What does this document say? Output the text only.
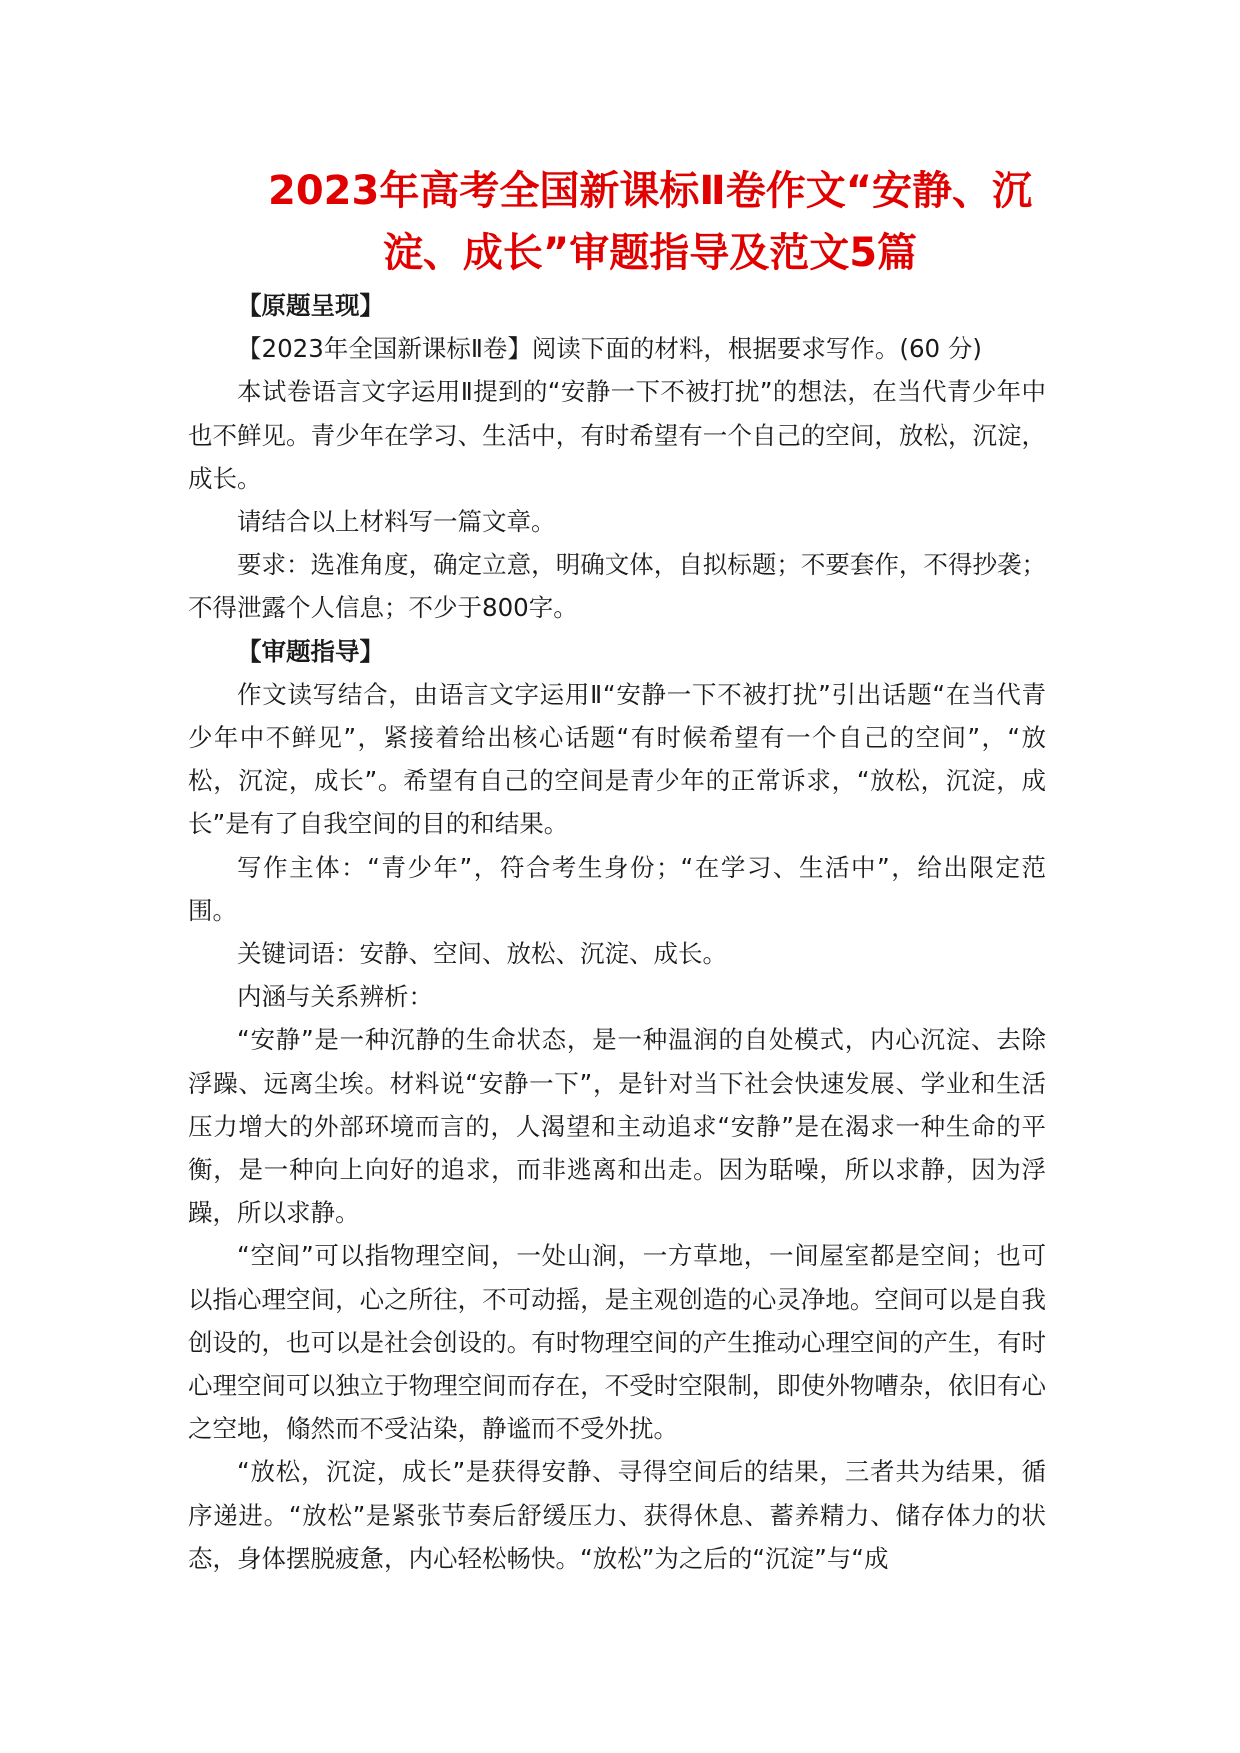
2023年高考全国新课标Ⅱ卷作文“安静、沉淀、成长”审题指导及范文5篇

【原题呈现】

【2023年全国新课标Ⅱ卷】阅读下面的材料，根据要求写作。(60 分)

本试卷语言文字运用Ⅱ提到的“安静一下不被打扰”的想法，在当代青少年中也不鲜见。青少年在学习、生活中，有时希望有一个自己的空间，放松，沉淀，成长。

请结合以上材料写一篇文章。

要求：选准角度，确定立意，明确文体，自拟标题；不要套作，不得抄袭；不得泄露个人信息；不少于800字。

【审题指导】

作文读写结合，由语言文字运用Ⅱ“安静一下不被打扰”引出话题“在当代青少年中不鲜见”，紧接着给出核心话题“有时候希望有一个自己的空间”，“放松，沉淀，成长”。希望有自己的空间是青少年的正常诉求，“放松，沉淀，成长”是有了自我空间的目的和结果。

写作主体：“青少年”，符合考生身份；“在学习、生活中”，给出限定范围。

关键词语：安静、空间、放松、沉淀、成长。

内涵与关系辨析：

“安静”是一种沉静的生命状态，是一种温润的自处模式，内心沉淀、去除浮躁、远离尘埃。材料说“安静一下”，是针对当下社会快速发展、学业和生活压力增大的外部环境而言的，人渴望和主动追求“安静”是在渴求一种生命的平衡，是一种向上向好的追求，而非逃离和出走。因为聒噪，所以求静，因为浮躁，所以求静。

“空间”可以指物理空间，一处山涧，一方草地，一间屋室都是空间；也可以指心理空间，心之所往，不可动摇，是主观创造的心灵净地。空间可以是自我创设的，也可以是社会创设的。有时物理空间的产生推动心理空间的产生，有时心理空间可以独立于物理空间而存在，不受时空限制，即使外物嘈杂，依旧有心之空地，翛然而不受沾染，静谧而不受外扰。

“放松，沉淀，成长”是获得安静、寻得空间后的结果，三者共为结果，循序递进。“放松”是紧张节奏后舒缓压力、获得休息、蓄养精力、储存体力的状态，身体摆脱疲惫，内心轻松畅快。“放松”为之后的“沉淀”与“成
